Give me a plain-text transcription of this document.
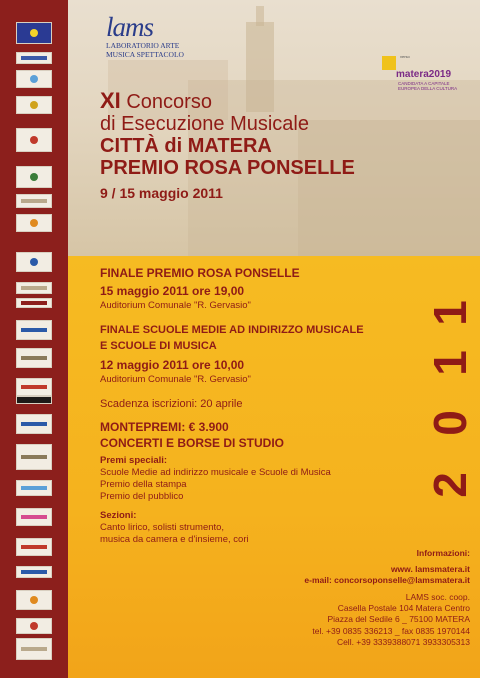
lams
LABORATORIO ARTE
MUSICA SPETTACOLO	verso
matera2019
CANDIDATA A CAPITALE EUROPEA DELLA CULTURA
XI Concorso
di Esecuzione Musicale
CITTÀ di MATERA
PREMIO ROSA PONSELLE
9 / 15 maggio 2011
FINALE PREMIO ROSA PONSELLE
15 maggio 2011 ore 19,00
Auditorium Comunale "R. Gervasio"
FINALE SCUOLE MEDIE AD INDIRIZZO MUSICALE
E SCUOLE DI MUSICA
12 maggio 2011 ore 10,00
Auditorium Comunale "R. Gervasio"
Scadenza iscrizioni: 20 aprile
MONTEPREMI: € 3.900
CONCERTI E BORSE DI STUDIO
Premi speciali:
Scuole Medie ad indirizzo musicale e Scuole di Musica
Premio della stampa
Premio del pubblico
Sezioni:
Canto lirico, solisti strumento,
musica da camera e d'insieme, cori
1
1
0
2
Informazioni:
www. lamsmatera.it
e-mail: concorsoponselle@lamsmatera.it
LAMS soc. coop.
Casella Postale 104 Matera Centro
Piazza del Sedile 6 _ 75100 MATERA
tel. +39 0835 336213 _ fax 0835 1970144
Cell. +39 3339388071 3933305313
